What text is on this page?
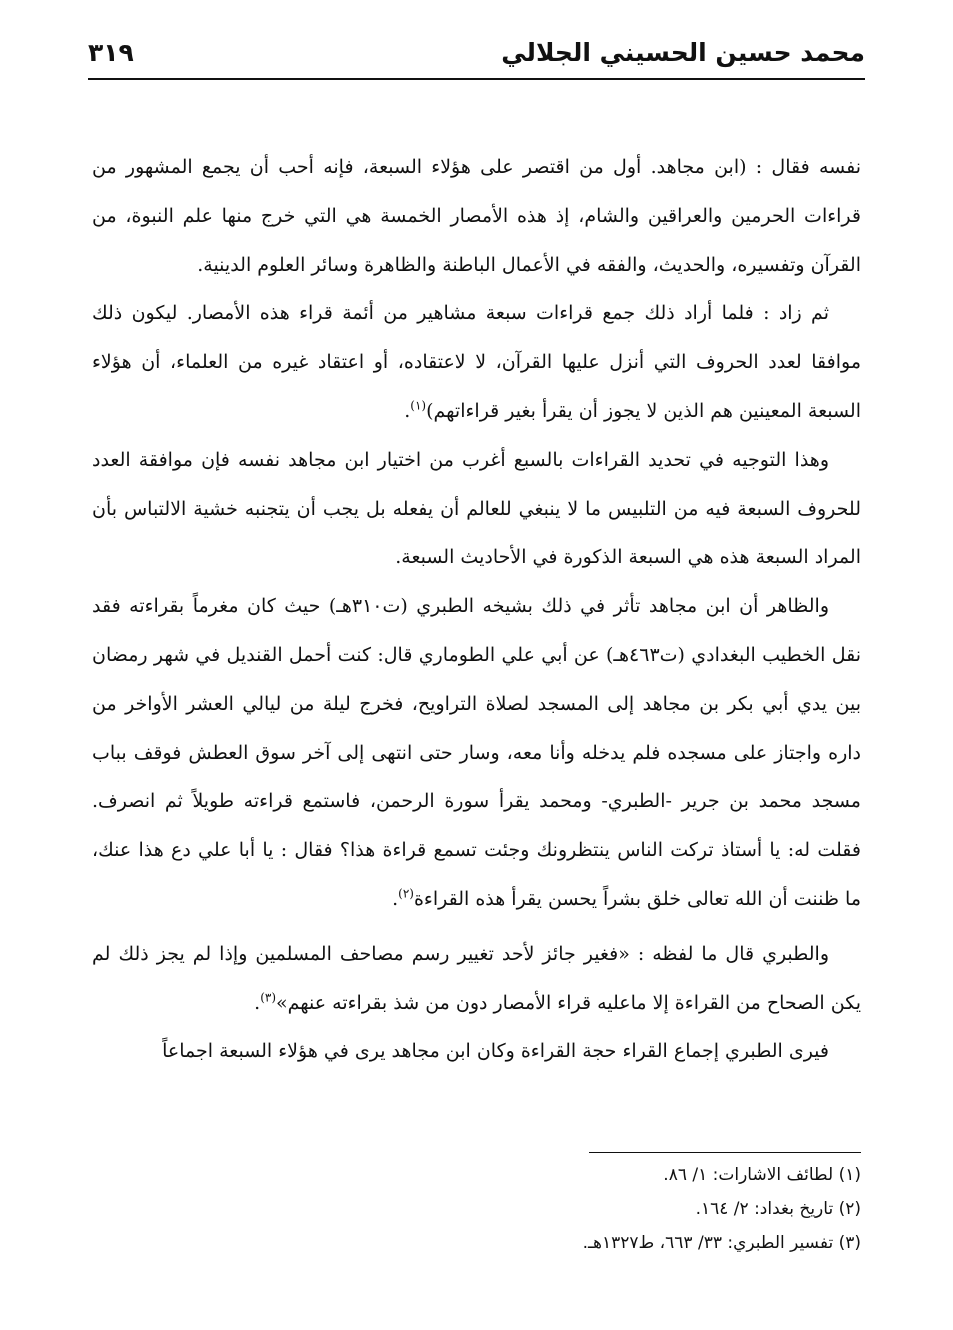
محمد حسين الحسيني الجلالي
٣١٩

نفسه فقال : (ابن مجاهد. أول من اقتصر على هؤلاء السبعة، فإنه أحب أن يجمع المشهور من قراءات الحرمين والعراقين والشام، إذ هذه الأمصار الخمسة هي التي خرج منها علم النبوة، من القرآن وتفسيره، والحديث، والفقه في الأعمال الباطنة والظاهرة وسائر العلوم الدينية.

ثم زاد : فلما أراد ذلك جمع قراءات سبعة مشاهير من أئمة قراء هذه الأمصار. ليكون ذلك موافقا لعدد الحروف التي أنزل عليها القرآن، لا لاعتقاده، أو اعتقاد غيره من العلماء، أن هؤلاء السبعة المعينين هم الذين لا يجوز أن يقرأ بغير قراءاتهم)$^{(١)}$.

وهذا التوجيه في تحديد القراءات بالسبع أغرب من اختيار ابن مجاهد نفسه فإن موافقة العدد للحروف السبعة فيه من التلبيس ما لا ينبغي للعالم أن يفعله بل يجب أن يتجنبه خشية الالتباس بأن المراد السبعة هذه هي السبعة الذكورة في الأحاديث السبعة.

والظاهر أن ابن مجاهد تأثر في ذلك بشيخه الطبري (ت٣١٠هـ) حيث كان مغرماً بقراءته فقد نقل الخطيب البغدادي (ت٤٦٣هـ) عن أبي علي الطوماري قال: كنت أحمل القنديل في شهر رمضان بين يدي أبي بكر بن مجاهد إلى المسجد لصلاة التراويح، فخرج ليلة من ليالي العشر الأواخر من داره واجتاز على مسجده فلم يدخله وأنا معه، وسار حتى انتهى إلى آخر سوق العطش فوقف بباب مسجد محمد بن جرير -الطبري- ومحمد يقرأ سورة الرحمن، فاستمع قراءته طويلاً ثم انصرف. فقلت له: يا أستاذ تركت الناس ينتظرونك وجئت تسمع قراءة هذا؟ فقال : يا أبا علي دع هذا عنك، ما ظننت أن الله تعالى خلق بشراً يحسن يقرأ هذه القراءة$^{(٢)}$.

والطبري قال ما لفظه : «فغير جائز لأحد تغيير رسم مصاحف المسلمين وإذا لم يجز ذلك لم يكن الصحاح من القراءة إلا ماعليه قراء الأمصار دون من شذ بقراءته عنهم»$^{(٣)}$.

فيرى الطبري إجماع القراء حجة القراءة وكان ابن مجاهد يرى في هؤلاء السبعة اجماعاً

(١) لطائف الاشارات: ١/ ٨٦.
(٢) تاريخ بغداد: ٢/ ١٦٤.
(٣) تفسير الطبري: ٣٣/ ٦٦٣، ط١٣٢٧هـ.
